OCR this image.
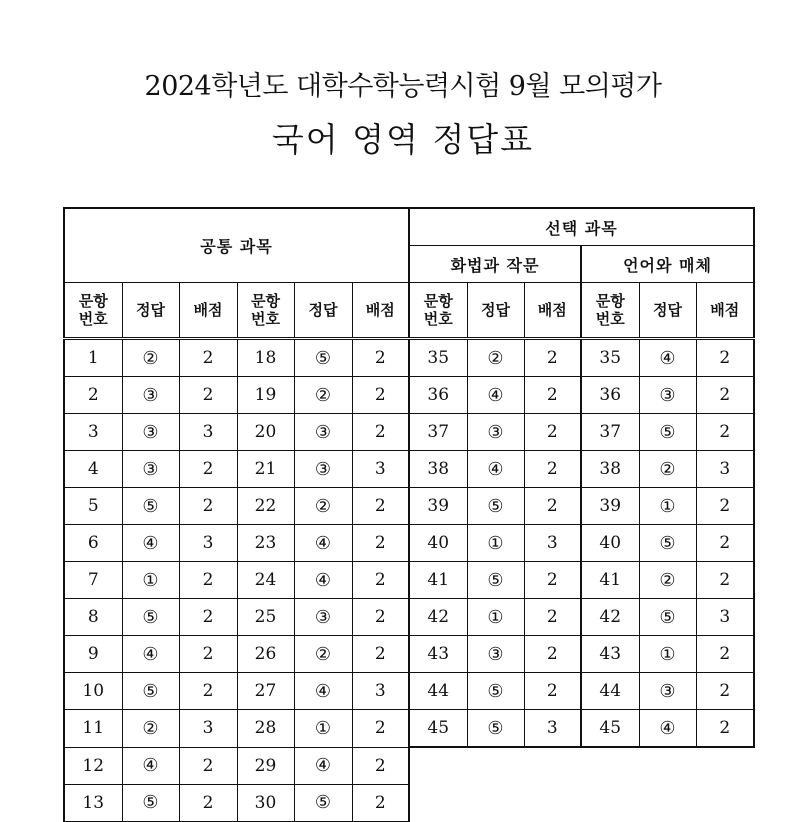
2024학년도 대학수학능력시험 9월 모의평가
국어 영역 정답표
공통 과목						선택 과목					
						화법과 작문			언어와 매체		
문항 번호	정답	배점	문항 번호	정답	배점	문항 번호	정답	배점	문항 번호	정답	배점
1	②	2	18	⑤	2	35	②	2	35	④	2
2	③	2	19	②	2	36	④	2	36	③	2
3	③	3	20	③	2	37	③	2	37	⑤	2
4	③	2	21	③	3	38	④	2	38	②	3
5	⑤	2	22	②	2	39	⑤	2	39	①	2
6	④	3	23	④	2	40	①	3	40	⑤	2
7	①	2	24	④	2	41	⑤	2	41	②	2
8	⑤	2	25	③	2	42	①	2	42	⑤	3
9	④	2	26	②	2	43	③	2	43	①	2
10	⑤	2	27	④	3	44	⑤	2	44	③	2
11	②	3	28	①	2	45	⑤	3	45	④	2
12	④	2	29	④	2						
13	⑤	2	30	⑤	2						
